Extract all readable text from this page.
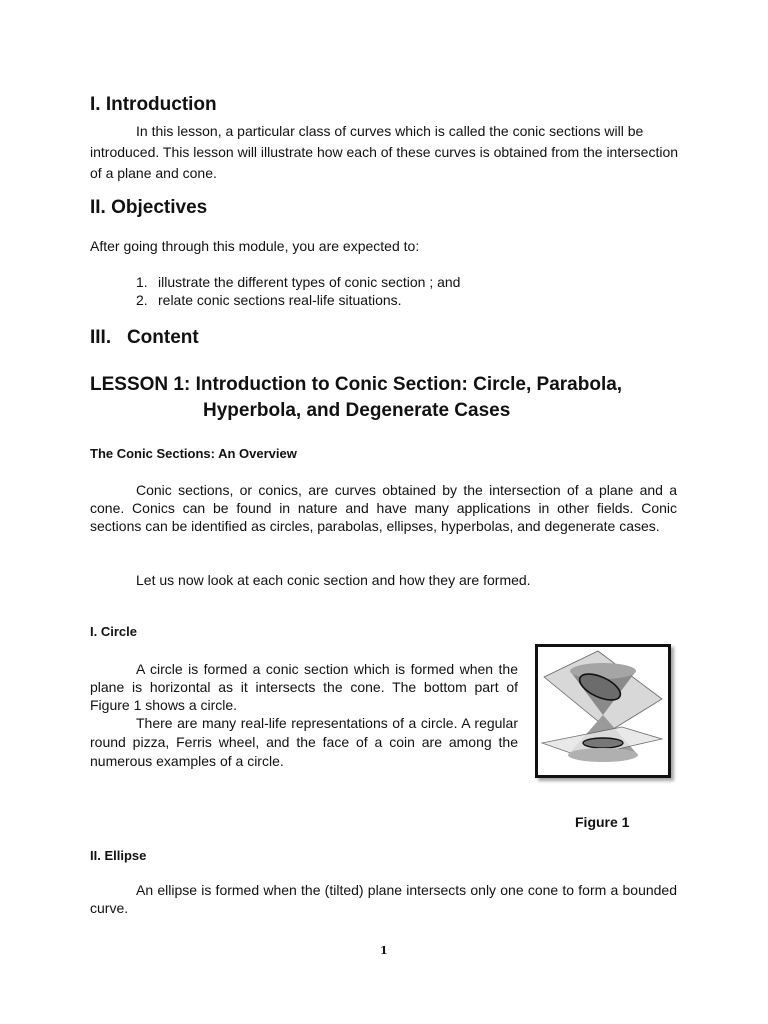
I. Introduction
In this lesson, a particular class of curves which is called the conic sections will be introduced. This lesson will illustrate how each of these curves is obtained from the intersection of a plane and cone.
II. Objectives
After going through this module, you are expected to:
1. illustrate the different types of conic section ; and
2. relate conic sections real-life situations.
III.   Content
LESSON 1: Introduction to Conic Section: Circle, Parabola,
Hyperbola, and Degenerate Cases
The Conic Sections: An Overview
Conic sections, or conics, are curves obtained by the intersection of a plane and a cone. Conics can be found in nature and have many applications in other fields. Conic sections can be identified as circles, parabolas, ellipses, hyperbolas, and degenerate cases.
Let us now look at each conic section and how they are formed.
I. Circle
A circle is formed a conic section which is formed when the plane is horizontal as it intersects the cone. The bottom part of Figure 1 shows a circle.
There are many real-life representations of a circle. A regular round pizza, Ferris wheel, and the face of a coin are among the numerous examples of a circle.
Figure 1
II. Ellipse
An ellipse is formed when the (tilted) plane intersects only one cone to form a bounded curve.
1
